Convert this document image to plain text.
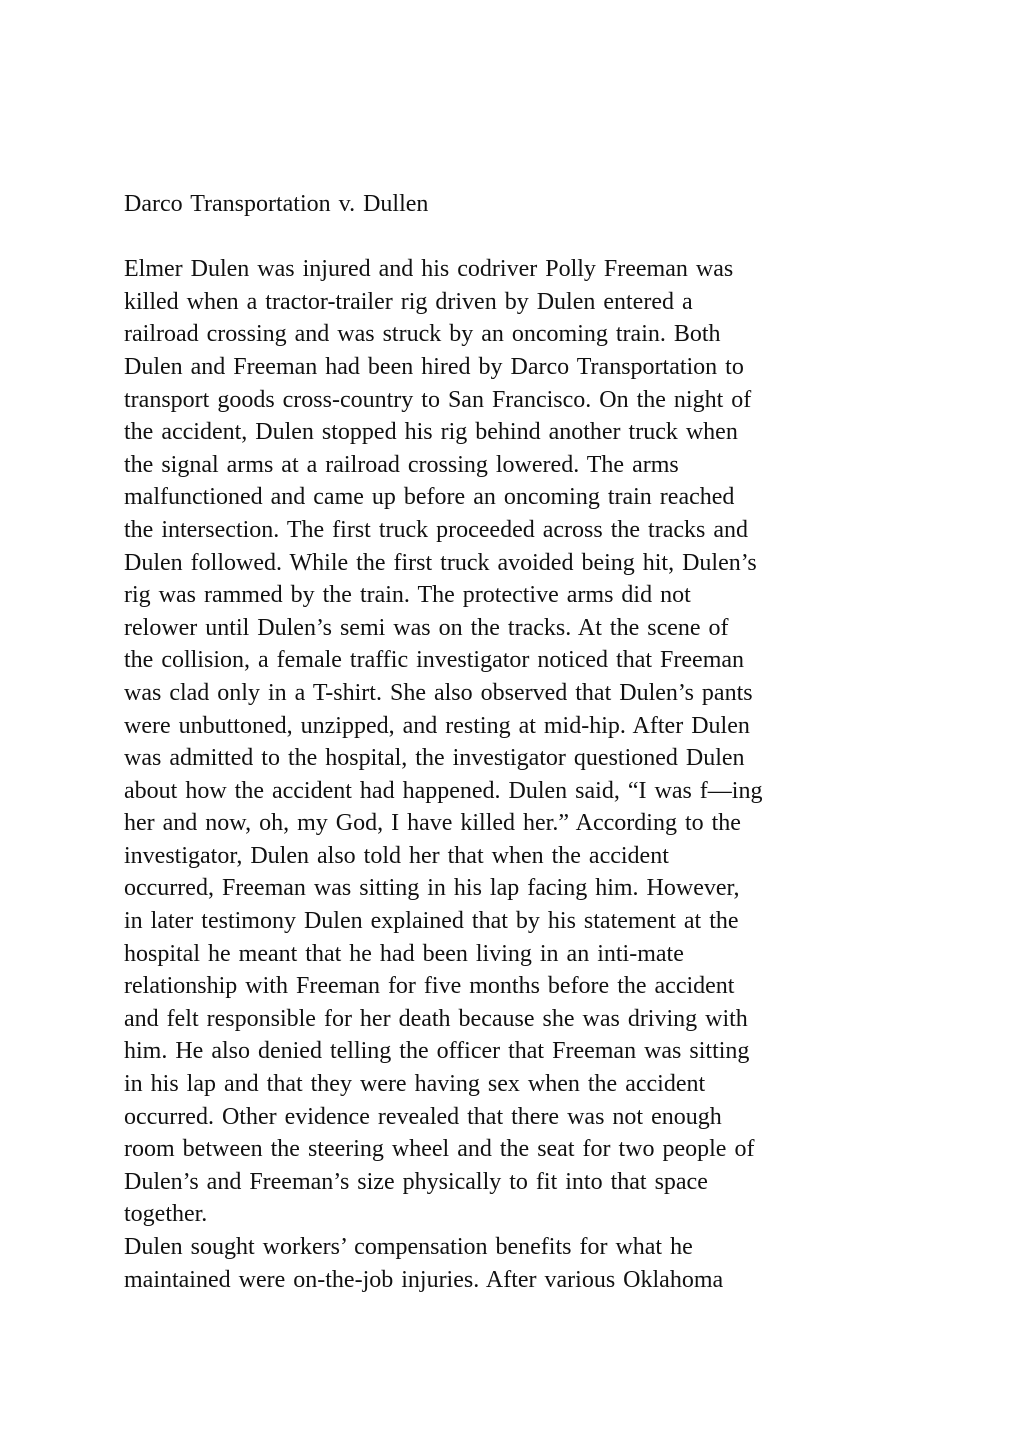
Darco Transportation v. Dullen
Elmer Dulen was injured and his codriver Polly Freeman was
killed when a tractor-trailer rig driven by Dulen entered a
railroad crossing and was struck by an oncoming train. Both
Dulen and Freeman had been hired by Darco Transportation to
transport goods cross-country to San Francisco. On the night of
the accident, Dulen stopped his rig behind another truck when
the signal arms at a railroad crossing lowered. The arms
malfunctioned and came up before an oncoming train reached
the intersection. The first truck proceeded across the tracks and
Dulen followed. While the first truck avoided being hit, Dulen’s
rig was rammed by the train. The protective arms did not
relower until Dulen’s semi was on the tracks. At the scene of
the collision, a female traffic investigator noticed that Freeman
was clad only in a T-shirt. She also observed that Dulen’s pants
were unbuttoned, unzipped, and resting at mid-hip. After Dulen
was admitted to the hospital, the investigator questioned Dulen
about how the accident had happened. Dulen said, “I was f—ing
her and now, oh, my God, I have killed her.” According to the
investigator, Dulen also told her that when the accident
occurred, Freeman was sitting in his lap facing him. However,
in later testimony Dulen explained that by his statement at the
hospital he meant that he had been living in an inti-mate
relationship with Freeman for five months before the accident
and felt responsible for her death because she was driving with
him. He also denied telling the officer that Freeman was sitting
in his lap and that they were having sex when the accident
occurred. Other evidence revealed that there was not enough
room between the steering wheel and the seat for two people of
Dulen’s and Freeman’s size physically to fit into that space
together.
Dulen sought workers’ compensation benefits for what he
maintained were on-the-job injuries. After various Oklahoma
